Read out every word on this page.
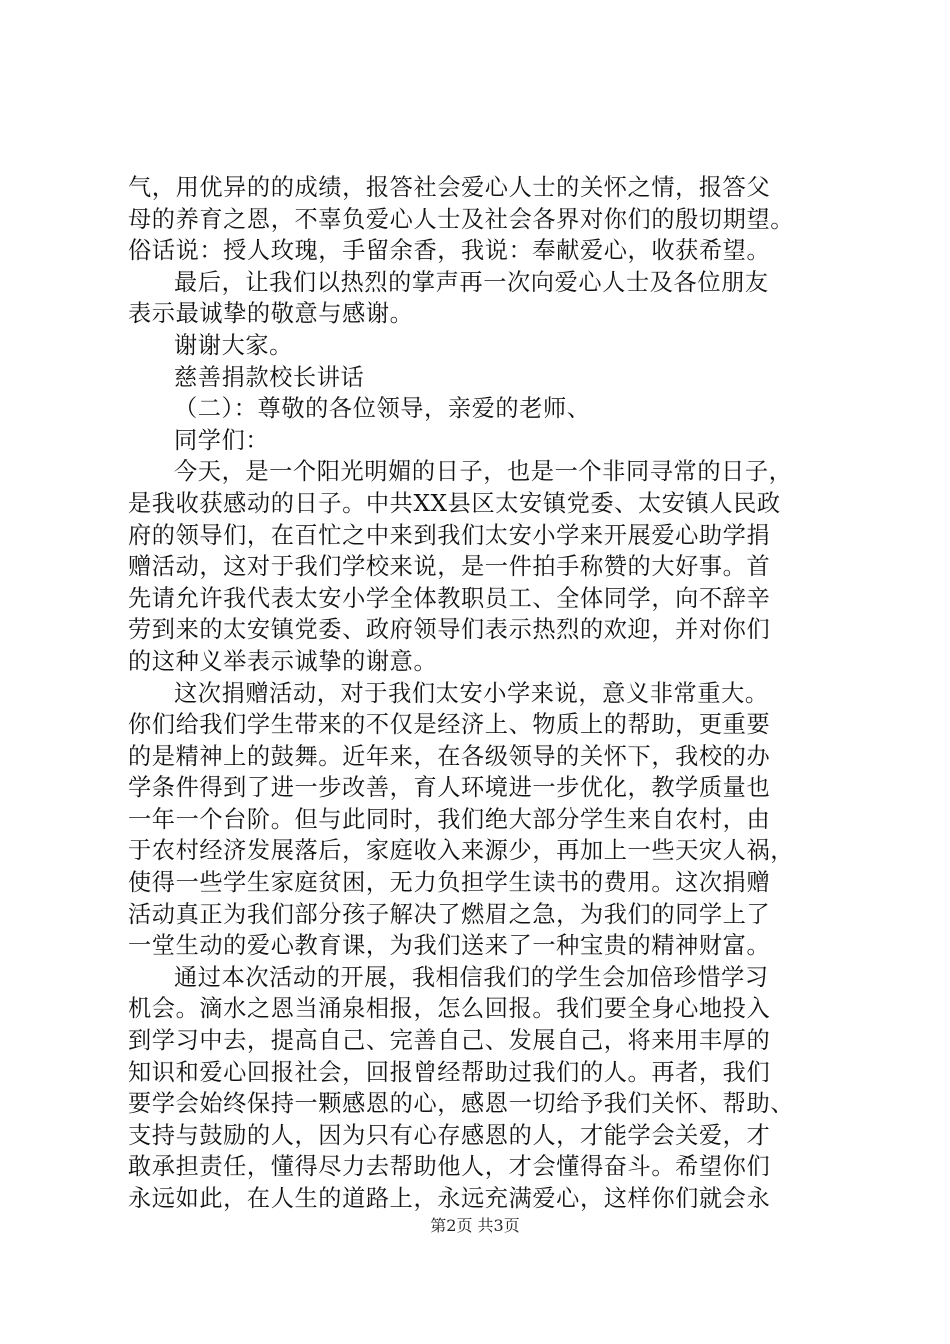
气，用优异的的成绩，报答社会爱心人士的关怀之情，报答父
母的养育之恩，不辜负爱心人士及社会各界对你们的殷切期望。
俗话说：授人玫瑰，手留余香，我说：奉献爱心，收获希望。
最后，让我们以热烈的掌声再一次向爱心人士及各位朋友
表示最诚挚的敬意与感谢。
谢谢大家。
慈善捐款校长讲话
（二）：尊敬的各位领导，亲爱的老师、
同学们：
今天，是一个阳光明媚的日子，也是一个非同寻常的日子，
是我收获感动的日子。中共XX县区太安镇党委、太安镇人民政
府的领导们，在百忙之中来到我们太安小学来开展爱心助学捐
赠活动，这对于我们学校来说，是一件拍手称赞的大好事。首
先请允许我代表太安小学全体教职员工、全体同学，向不辞辛
劳到来的太安镇党委、政府领导们表示热烈的欢迎，并对你们
的这种义举表示诚挚的谢意。
这次捐赠活动，对于我们太安小学来说，意义非常重大。
你们给我们学生带来的不仅是经济上、物质上的帮助，更重要
的是精神上的鼓舞。近年来，在各级领导的关怀下，我校的办
学条件得到了进一步改善，育人环境进一步优化，教学质量也
一年一个台阶。但与此同时，我们绝大部分学生来自农村，由
于农村经济发展落后，家庭收入来源少，再加上一些天灾人祸，
使得一些学生家庭贫困，无力负担学生读书的费用。这次捐赠
活动真正为我们部分孩子解决了燃眉之急，为我们的同学上了
一堂生动的爱心教育课，为我们送来了一种宝贵的精神财富。
通过本次活动的开展，我相信我们的学生会加倍珍惜学习
机会。滴水之恩当涌泉相报，怎么回报。我们要全身心地投入
到学习中去，提高自己、完善自己、发展自己，将来用丰厚的
知识和爱心回报社会，回报曾经帮助过我们的人。再者，我们
要学会始终保持一颗感恩的心，感恩一切给予我们关怀、帮助、
支持与鼓励的人，因为只有心存感恩的人，才能学会关爱，才
敢承担责任，懂得尽力去帮助他人，才会懂得奋斗。希望你们
永远如此，在人生的道路上，永远充满爱心，这样你们就会永
第2页 共3页
